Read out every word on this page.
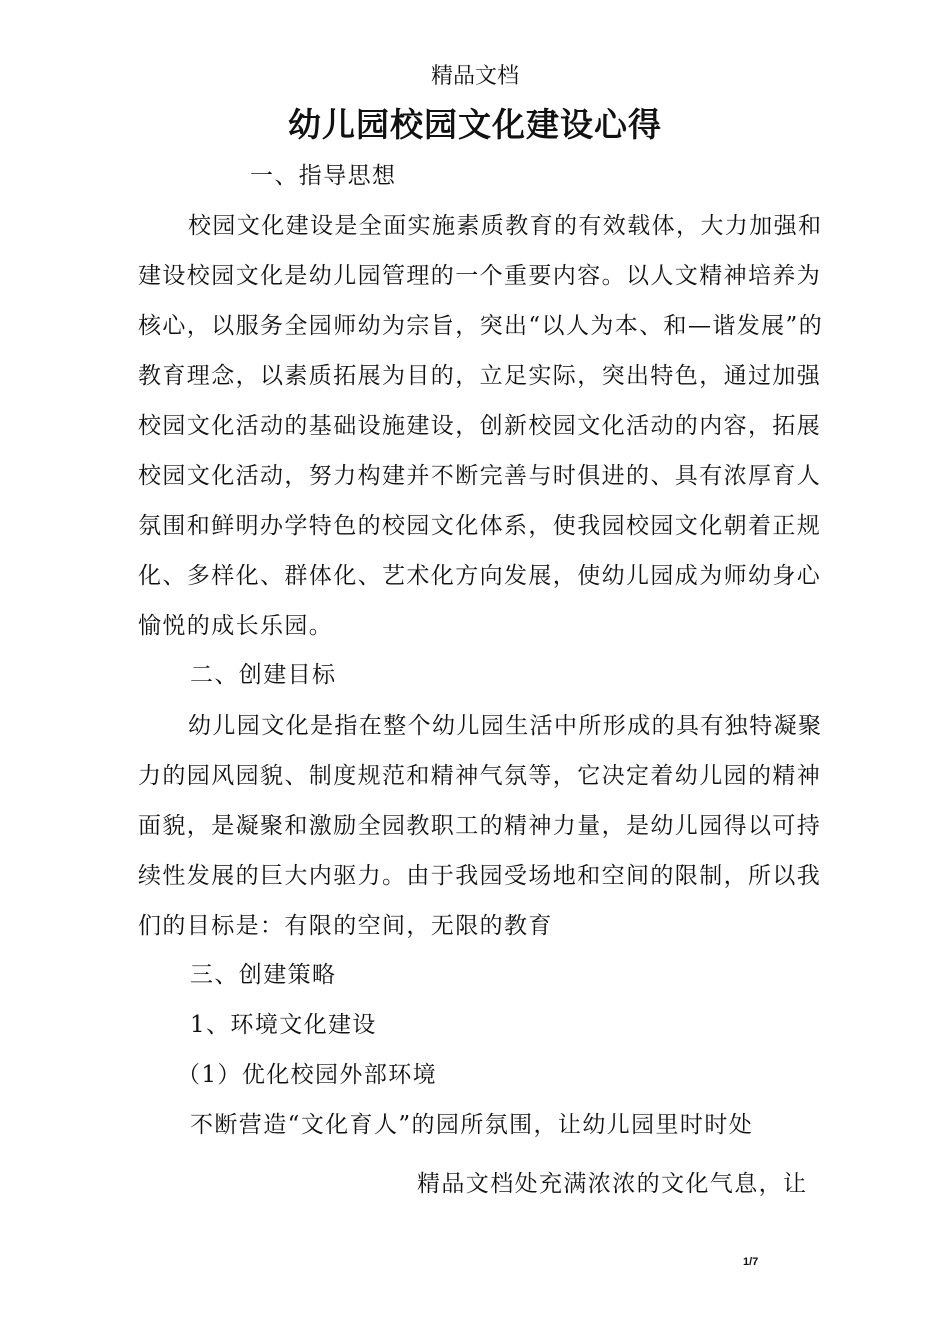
精品文档
幼儿园校园文化建设心得

一、指导思想

校园文化建设是全面实施素质教育的有效载体，大力加强和建设校园文化是幼儿园管理的一个重要内容。以人文精神培养为核心，以服务全园师幼为宗旨，突出“以人为本、和—谐发展”的教育理念，以素质拓展为目的，立足实际，突出特色，通过加强校园文化活动的基础设施建设，创新校园文化活动的内容，拓展校园文化活动，努力构建并不断完善与时俱进的、具有浓厚育人氛围和鲜明办学特色的校园文化体系，使我园校园文化朝着正规化、多样化、群体化、艺术化方向发展，使幼儿园成为师幼身心愉悦的成长乐园。

二、创建目标

幼儿园文化是指在整个幼儿园生活中所形成的具有独特凝聚力的园风园貌、制度规范和精神气氛等，它决定着幼儿园的精神面貌，是凝聚和激励全园教职工的精神力量，是幼儿园得以可持续性发展的巨大内驱力。由于我园受场地和空间的限制，所以我们的目标是：有限的空间，无限的教育

三、创建策略

1、环境文化建设

（1）优化校园外部环境

不断营造“文化育人”的园所氛围，让幼儿园里时时处

精品文档处充满浓浓的文化气息，让
1/7
